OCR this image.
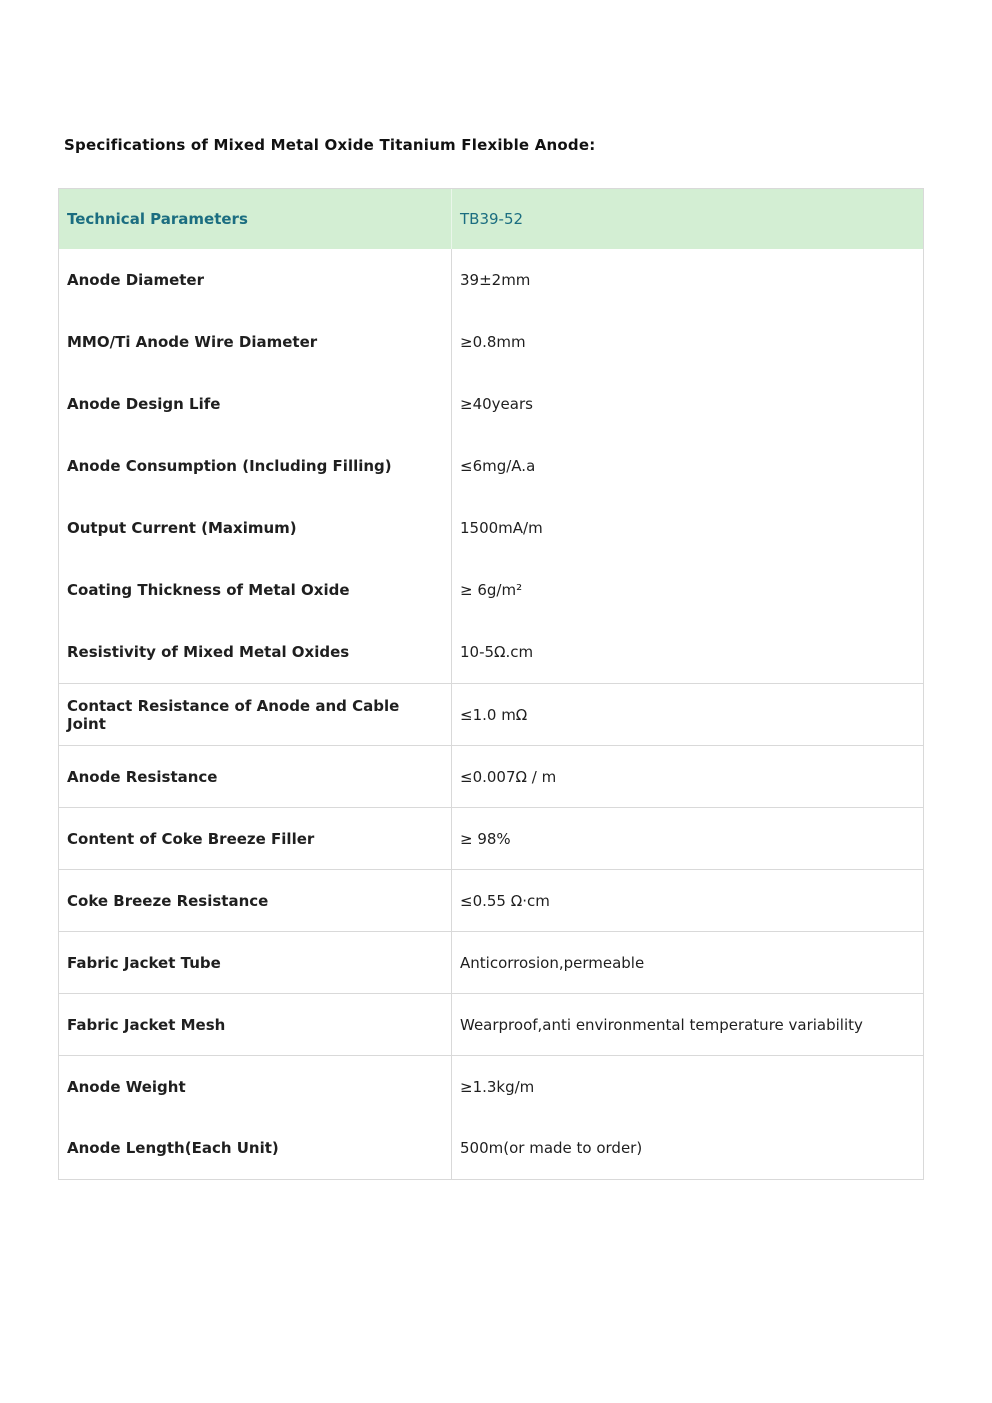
Specifications of Mixed Metal Oxide Titanium Flexible Anode:
Technical Parameters	TB39-52
Anode Diameter	39±2mm
MMO/Ti Anode Wire Diameter	≥0.8mm
Anode Design Life	≥40years
Anode Consumption (Including Filling)	≤6mg/A.a
Output Current (Maximum)	1500mA/m
Coating Thickness of Metal Oxide	≥ 6g/m²
Resistivity of Mixed Metal Oxides	10-5Ω.cm
Contact Resistance of Anode and Cable Joint	≤1.0 mΩ
Anode Resistance	≤0.007Ω / m
Content of Coke Breeze Filler	≥ 98%
Coke Breeze Resistance	≤0.55 Ω·cm
Fabric Jacket Tube	Anticorrosion,permeable
Fabric Jacket Mesh	Wearproof,anti environmental temperature variability
Anode Weight	≥1.3kg/m
Anode Length(Each Unit)	500m(or made to order)
